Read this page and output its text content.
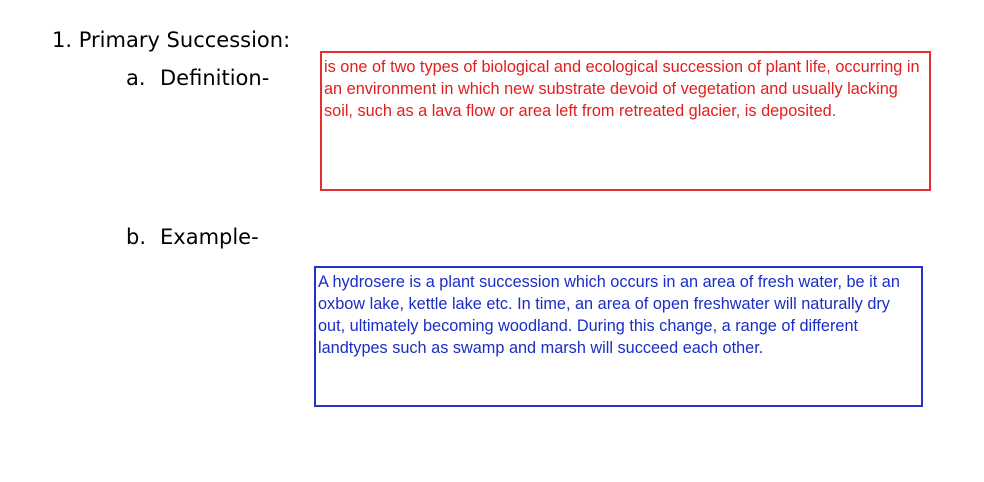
1. Primary Succession:
a. Definition-	is one of two types of biological and ecological succession of plant life, occurring in an environment in which new substrate devoid of vegetation and usually lacking soil, such as a lava flow or area left from retreated glacier, is deposited.
b. Example-
A hydrosere is a plant succession which occurs in an area of fresh water, be it an oxbow lake, kettle lake etc. In time, an area of open freshwater will naturally dry out, ultimately becoming woodland. During this change, a range of different landtypes such as swamp and marsh will succeed each other.
